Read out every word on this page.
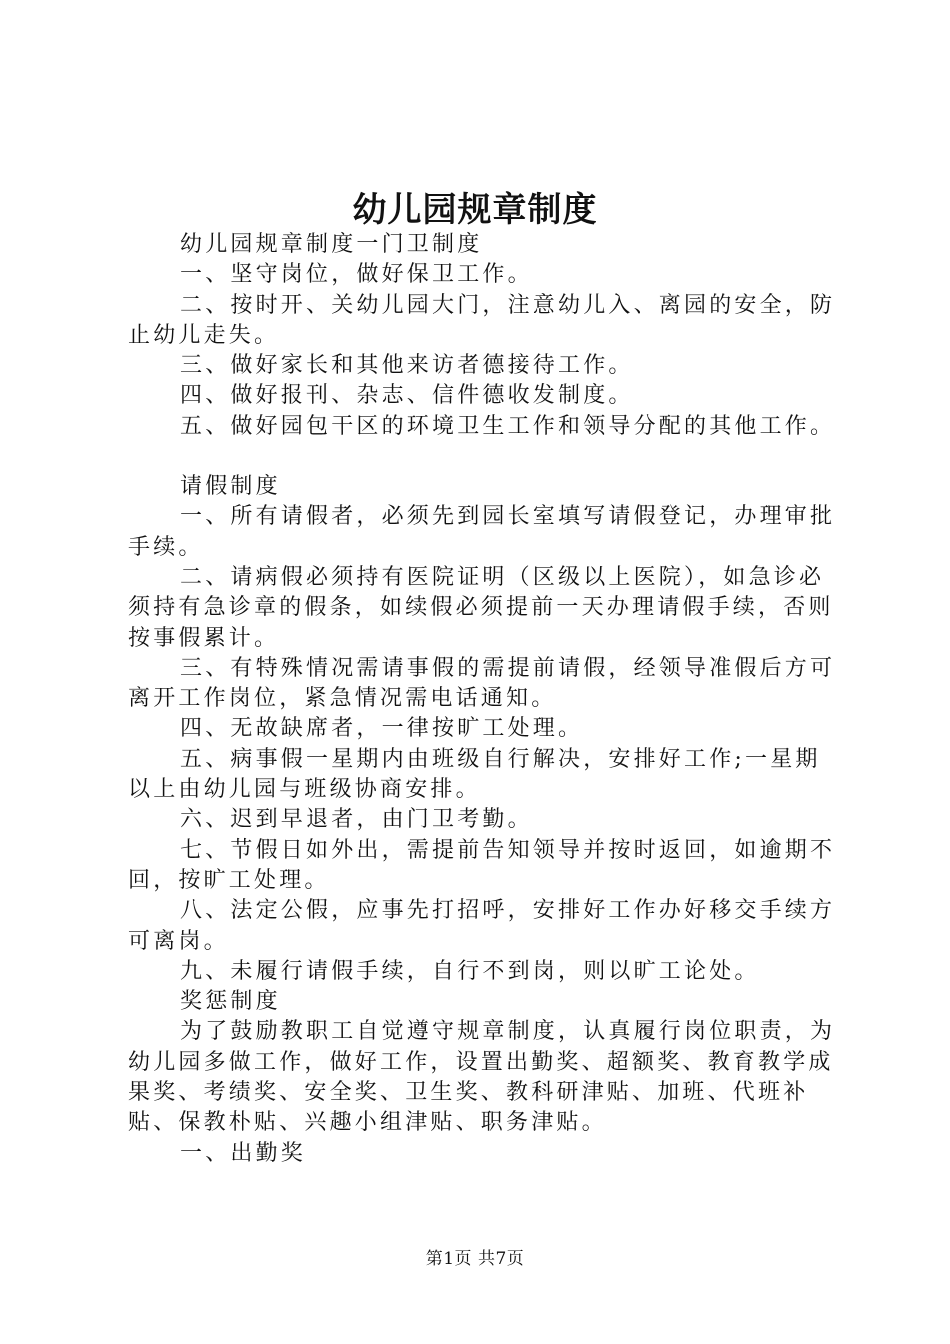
幼儿园规章制度

幼儿园规章制度一门卫制度

一、坚守岗位，做好保卫工作。

二、按时开、关幼儿园大门，注意幼儿入、离园的安全，防止幼儿走失。

三、做好家长和其他来访者德接待工作。

四、做好报刊、杂志、信件德收发制度。

五、做好园包干区的环境卫生工作和领导分配的其他工作。

请假制度

一、所有请假者，必须先到园长室填写请假登记，办理审批手续。

二、请病假必须持有医院证明（区级以上医院），如急诊必须持有急诊章的假条，如续假必须提前一天办理请假手续，否则按事假累计。

三、有特殊情况需请事假的需提前请假，经领导准假后方可离开工作岗位，紧急情况需电话通知。

四、无故缺席者，一律按旷工处理。

五、病事假一星期内由班级自行解决，安排好工作;一星期以上由幼儿园与班级协商安排。

六、迟到早退者，由门卫考勤。

七、节假日如外出，需提前告知领导并按时返回，如逾期不回，按旷工处理。

八、法定公假，应事先打招呼，安排好工作办好移交手续方可离岗。

九、未履行请假手续，自行不到岗，则以旷工论处。

奖惩制度

为了鼓励教职工自觉遵守规章制度，认真履行岗位职责，为幼儿园多做工作，做好工作，设置出勤奖、超额奖、教育教学成果奖、考绩奖、安全奖、卫生奖、教科研津贴、加班、代班补贴、保教朴贴、兴趣小组津贴、职务津贴。

一、出勤奖

第1页 共7页
